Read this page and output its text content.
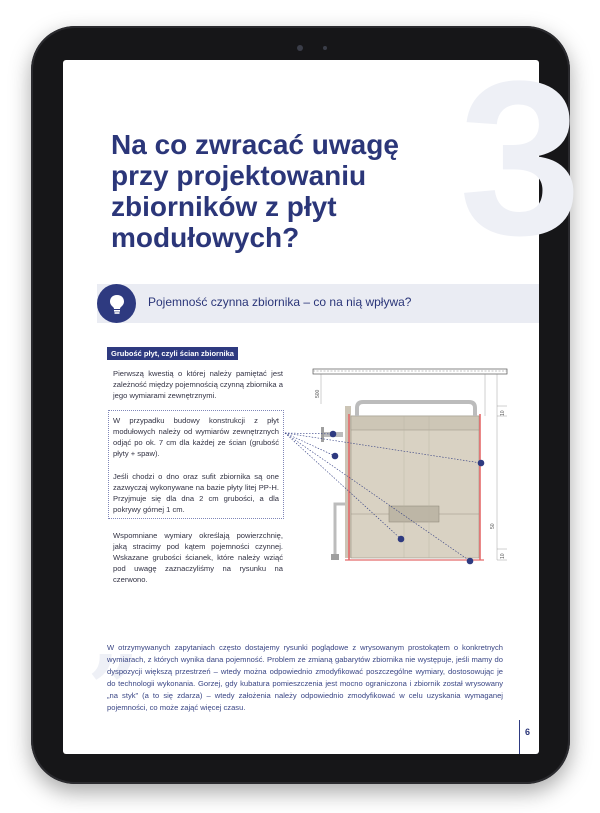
3
Na co zwracać uwagę przy projektowaniu zbiorników z płyt modułowych?
Pojemność czynna zbiornika – co na nią wpływa?
Grubość płyt, czyli ścian zbiornika

Pierwszą kwestią o której należy pamiętać jest zależność między pojemnością czynną zbiornika a jego wymiarami zewnętrznymi.

W przypadku budowy konstrukcji z płyt modułowych należy od wymiarów zewnętrznych odjąć po ok. 7 cm dla każdej ze ścian (grubość płyty + spaw).

Jeśli chodzi o dno oraz sufit zbiornika są one zazwyczaj wykonywane na bazie płyty litej PP-H. Przyjmuje się dla dna 2 cm grubości, a dla pokrywy górnej 1 cm.

Wspomniane wymiary określają powierzchnię, jaką stracimy pod kątem pojemności czynnej. Wskazane grubości ścianek, które należy wziąć pod uwagę zaznaczyliśmy na rysunku na czerwono.

500
10
50
10
„

W otrzymywanych zapytaniach często dostajemy rysunki poglądowe z wrysowanym prostokątem o konkretnych wymiarach, z których wynika dana pojemność. Problem ze zmianą gabarytów zbiornika nie występuje, jeśli mamy do dyspozycji większą przestrzeń – wtedy można odpowiednio zmodyfikować poszczególne wymiary, dostosowując je do technologii wykonania. Gorzej, gdy kubatura pomieszczenia jest mocno ograniczona i zbiornik został wrysowany „na styk” (a to się zdarza) – wtedy założenia należy odpowiednio zmodyfikować w celu uzyskania wymaganej pojemności, co może zająć więcej czasu.

6
